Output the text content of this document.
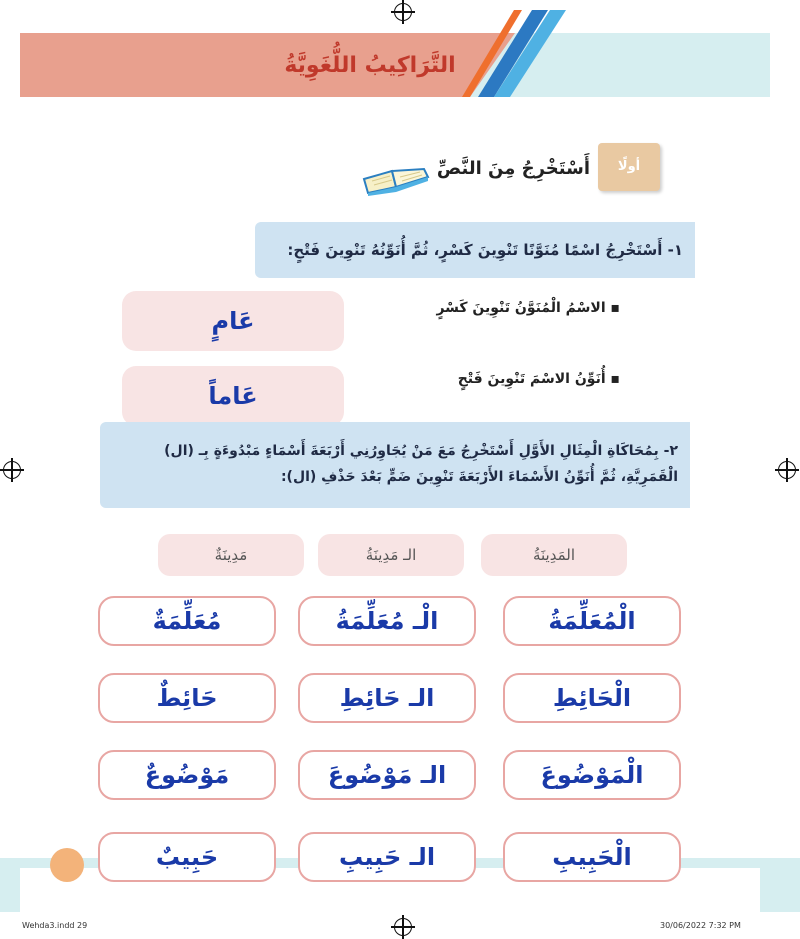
التَّرَاكِيبُ اللُّغَوِيَّةُ
أولًا
أَسْتَخْرِجُ مِنَ النَّصِّ
١- أَسْتَخْرِجُ اسْمًا مُنَوَّنًا تَنْوِينَ كَسْرٍ، ثُمَّ أُنَوِّنُهُ تَنْوِينَ فَتْحٍ:
▪ الاسْمُ الْمُنَوَّنُ تَنْوِينَ كَسْرٍ
عَامٍ
▪ أُنَوِّنُ الاسْمَ تَنْوِينَ فَتْحٍ
عَاماً
٢- بِمُحَاكَاةِ الْمِثَالِ الأَوَّلِ أَسْتَخْرِجُ مَعَ مَنْ يُجَاوِرُنِي أَرْبَعَةَ أَسْمَاءٍ مَبْدُوءَةٍ بِـ (ال)
الْقَمَرِيَّةِ، ثُمَّ أُنَوِّنُ الأَسْمَاءَ الأَرْبَعَةَ تَنْوِينَ ضَمٍّ بَعْدَ حَذْفِ (ال):
المَدِينَةُ
الـ مَدِينَةُ
مَدِينَةٌ
الْمُعَلِّمَةُ
الْـ مُعَلِّمَةُ
مُعَلِّمَةٌ
الْحَائِطِ
الـ حَائِطِ
حَائِطٌ
الْمَوْضُوعَ
الـ مَوْضُوعَ
مَوْضُوعٌ
الْحَبِيبِ
الـ حَبِيبِ
حَبِيبٌ
Wehda3.indd 29	30/06/2022 7:32 PM
